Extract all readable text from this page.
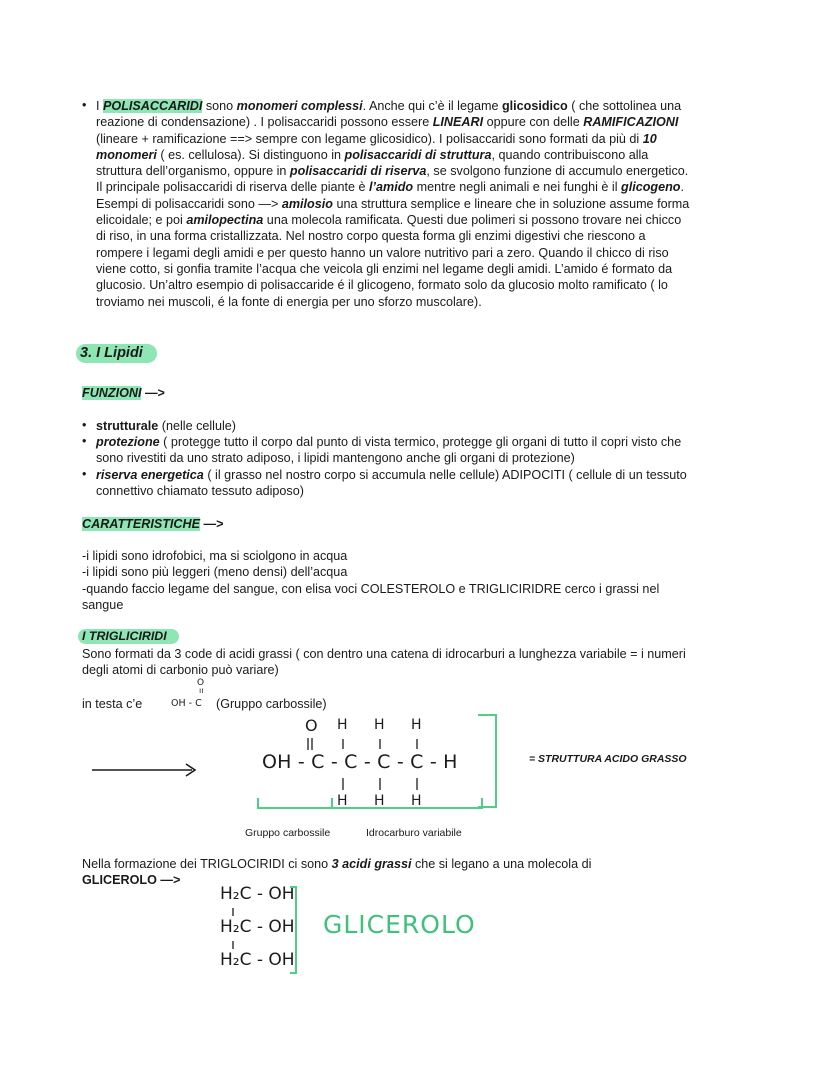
• I POLISACCARIDI sono monomeri complessi. Anche qui c’è il legame glicosidico ( che sottolinea una
reazione di condensazione) . I polisaccaridi possono essere LINEARI oppure con delle RAMIFICAZIONI
(lineare + ramificazione ==> sempre con legame glicosidico). I polisaccaridi sono formati da più di 10
monomeri ( es. cellulosa). Si distinguono in polisaccaridi di struttura, quando contribuiscono alla
struttura dell’organismo, oppure in polisaccaridi di riserva, se svolgono funzione di accumulo energetico.
Il principale polisaccaridi di riserva delle piante è l’amido mentre negli animali e nei funghi è il glicogeno.
Esempi di polisaccaridi sono —> amilosio una struttura semplice e lineare che in soluzione assume forma
elicoidale; e poi amilopectina una molecola ramificata. Questi due polimeri si possono trovare nei chicco
di riso, in una forma cristallizzata. Nel nostro corpo questa forma gli enzimi digestivi che riescono a
rompere i legami degli amidi e per questo hanno un valore nutritivo pari a zero. Quando il chicco di riso
viene cotto, si gonfia tramite l’acqua che veicola gli enzimi nel legame degli amidi. L’amido é formato da
glucosio. Un’altro esempio di polisaccaride é il glicogeno, formato solo da glucosio molto ramificato ( lo
troviamo nei muscoli, é la fonte di energia per uno sforzo muscolare).
3. I Lipidi
FUNZIONI —>
• strutturale (nelle cellule)
• protezione ( protegge tutto il corpo dal punto di vista termico, protegge gli organi di tutto il copri visto che
sono rivestiti da uno strato adiposo, i lipidi mantengono anche gli organi di protezione)
• riserva energetica ( il grasso nel nostro corpo si accumula nelle cellule) ADIPOCITI ( cellule di un tessuto
connettivo chiamato tessuto adiposo)
CARATTERISTICHE —>
-i lipidi sono idrofobici, ma si sciolgono in acqua
-i lipidi sono più leggeri (meno densi) dell’acqua
-quando faccio legame del sangue, con elisa voci COLESTEROLO e TRIGLICIRIDRE cerco i grassi nel
sangue
I TRIGLICIRIDI
Sono formati da 3 code di acidi grassi ( con dentro una catena di idrocarburi a lunghezza variabile = i numeri
degli atomi di carbonio può variare)
in testa c’e
O
ıı
OH - C (Gruppo carbossile)
O H H H
OH - C - C - C - C - H
H H H
= STRUTTURA ACIDO GRASSO
Gruppo carbossile	Idrocarburo variabile
Nella formazione dei TRIGLOCIRIDI ci sono 3 acidi grassi che si legano a una molecola di
GLICEROLO —>
H₂C - OH
H₂C - OH
H₂C - OH
GLICEROLO
